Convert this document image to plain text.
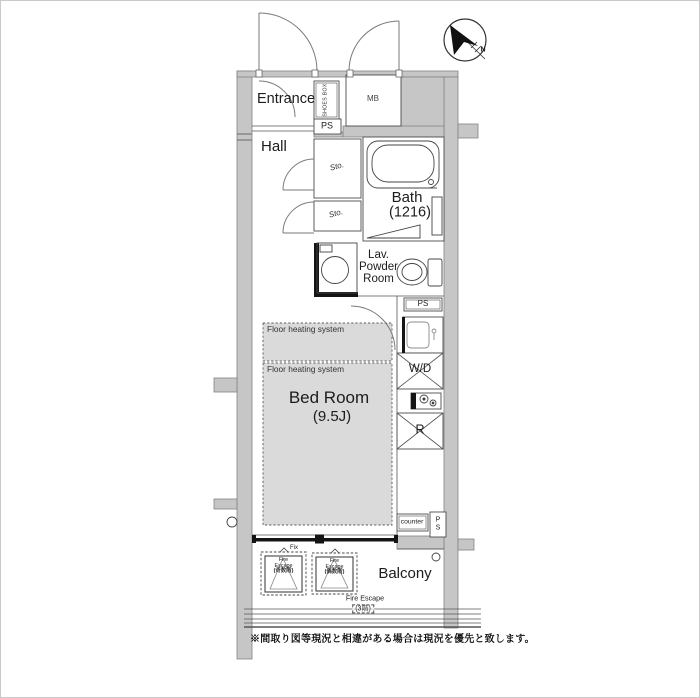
Entrance
Hall
SHOES BOX
PS
MB
Sto.
Sto.
Bath
(1216)
Lav.
Powder
Room
PS
W/D
R
Floor heating system
Floor heating system
Bed Room
(9.5J)
counter P
S
Fix
Balcony
Fire
Escape
(奇数階)
Fire
Escape
(偶数階)
Fire Escape
(3階)
N
※間取り図等現況と相違がある場合は現況を優先と致します。
